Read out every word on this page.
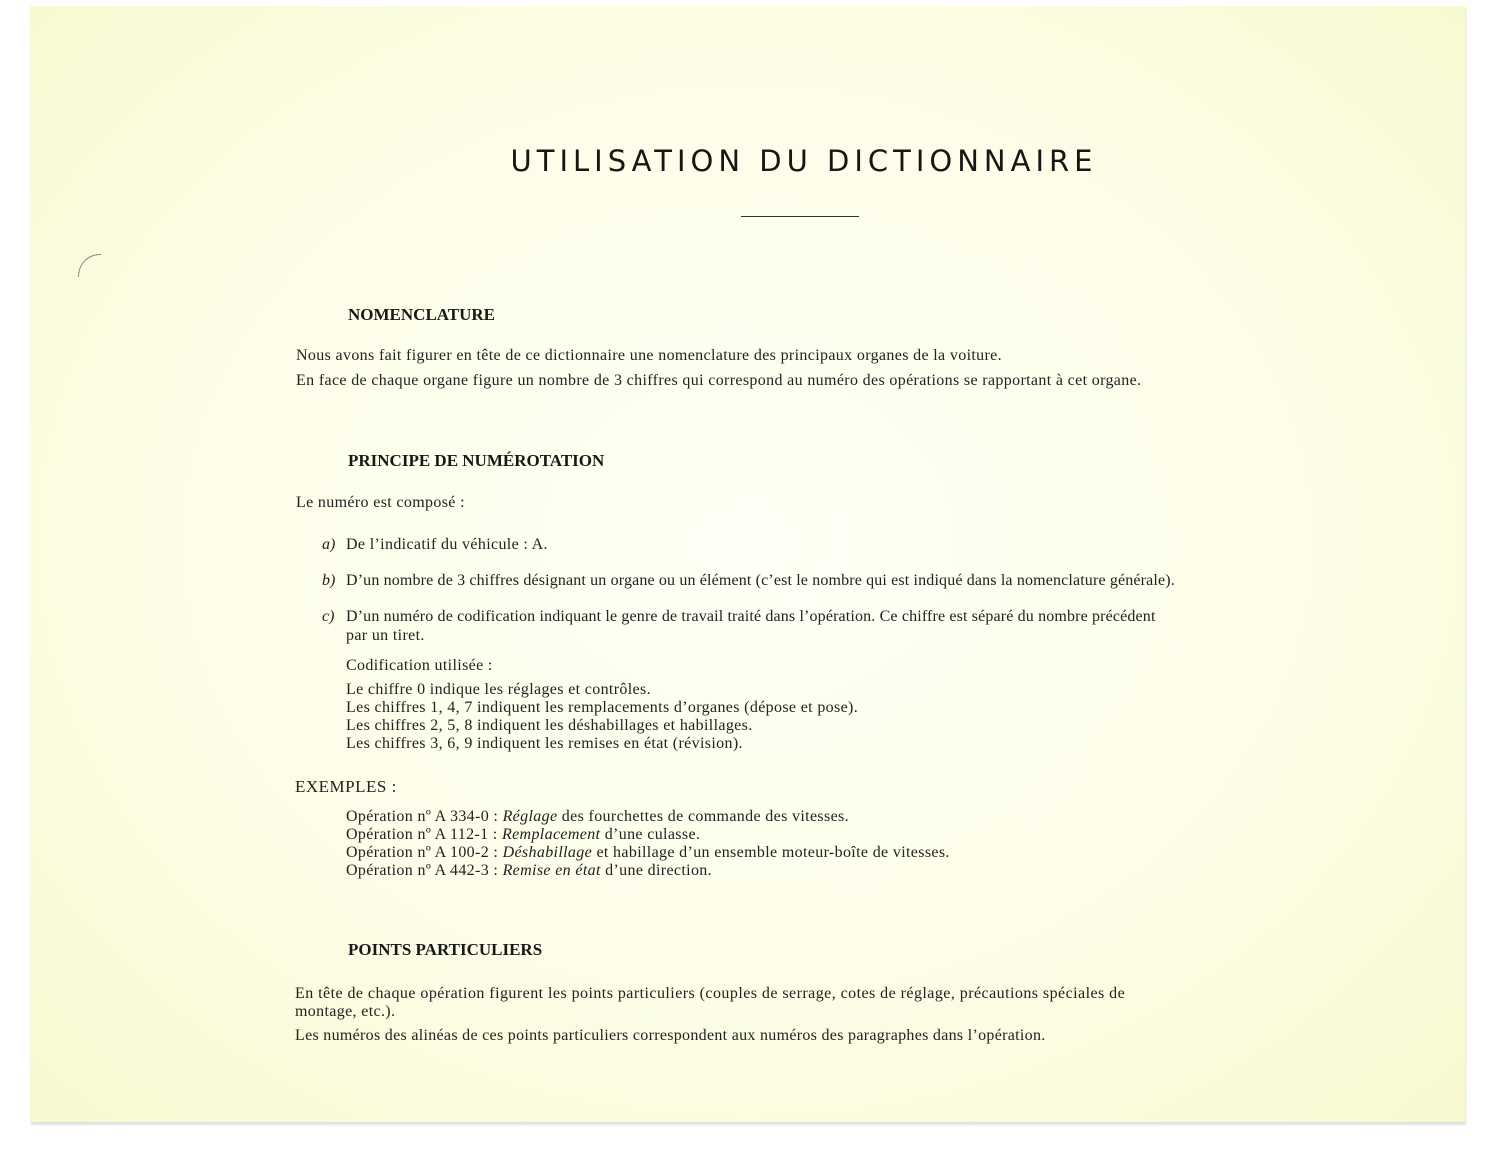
UTILISATION DU DICTIONNAIRE
NOMENCLATURE
Nous avons fait figurer en tête de ce dictionnaire une nomenclature des principaux organes de la voiture.
En face de chaque organe figure un nombre de 3 chiffres qui correspond au numéro des opérations se rapportant à cet organe.
PRINCIPE DE NUMÉROTATION
Le numéro est composé :
a) De l’indicatif du véhicule : A.
b) D’un nombre de 3 chiffres désignant un organe ou un élément (c’est le nombre qui est indiqué dans la nomenclature générale).
c) D’un numéro de codification indiquant le genre de travail traité dans l’opération. Ce chiffre est séparé du nombre précédent
par un tiret.
Codification utilisée :
Le chiffre 0 indique les réglages et contrôles.
Les chiffres 1, 4, 7 indiquent les remplacements d’organes (dépose et pose).
Les chiffres 2, 5, 8 indiquent les déshabillages et habillages.
Les chiffres 3, 6, 9 indiquent les remises en état (révision).
EXEMPLES :
Opération nº A 334-0 : Réglage des fourchettes de commande des vitesses.
Opération nº A 112-1 : Remplacement d’une culasse.
Opération nº A 100-2 : Déshabillage et habillage d’un ensemble moteur-boîte de vitesses.
Opération nº A 442-3 : Remise en état d’une direction.
POINTS PARTICULIERS
En tête de chaque opération figurent les points particuliers (couples de serrage, cotes de réglage, précautions spéciales de
montage, etc.).
Les numéros des alinéas de ces points particuliers correspondent aux numéros des paragraphes dans l’opération.
